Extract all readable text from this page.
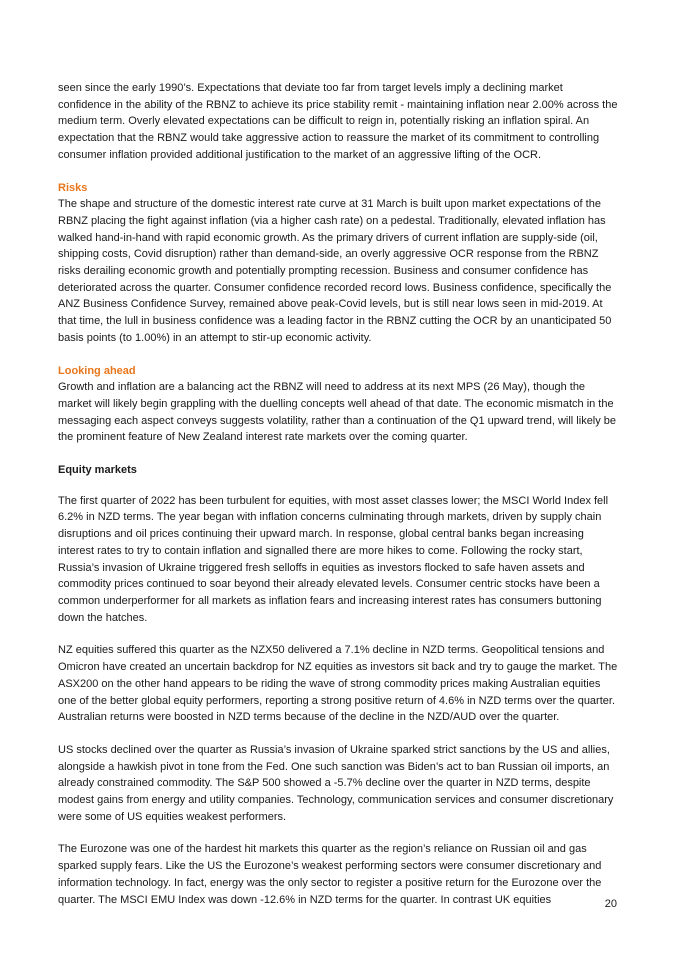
seen since the early 1990’s. Expectations that deviate too far from target levels imply a declining market confidence in the ability of the RBNZ to achieve its price stability remit - maintaining inflation near 2.00% across the medium term. Overly elevated expectations can be difficult to reign in, potentially risking an inflation spiral. An expectation that the RBNZ would take aggressive action to reassure the market of its commitment to controlling consumer inflation provided additional justification to the market of an aggressive lifting of the OCR.

Risks

The shape and structure of the domestic interest rate curve at 31 March is built upon market expectations of the RBNZ placing the fight against inflation (via a higher cash rate) on a pedestal. Traditionally, elevated inflation has walked hand-in-hand with rapid economic growth. As the primary drivers of current inflation are supply-side (oil, shipping costs, Covid disruption) rather than demand-side, an overly aggressive OCR response from the RBNZ risks derailing economic growth and potentially prompting recession. Business and consumer confidence has deteriorated across the quarter. Consumer confidence recorded record lows. Business confidence, specifically the ANZ Business Confidence Survey, remained above peak-Covid levels, but is still near lows seen in mid-2019. At that time, the lull in business confidence was a leading factor in the RBNZ cutting the OCR by an unanticipated 50 basis points (to 1.00%) in an attempt to stir-up economic activity.

Looking ahead

Growth and inflation are a balancing act the RBNZ will need to address at its next MPS (26 May), though the market will likely begin grappling with the duelling concepts well ahead of that date. The economic mismatch in the messaging each aspect conveys suggests volatility, rather than a continuation of the Q1 upward trend, will likely be the prominent feature of New Zealand interest rate markets over the coming quarter.

Equity markets

The first quarter of 2022 has been turbulent for equities, with most asset classes lower; the MSCI World Index fell 6.2% in NZD terms. The year began with inflation concerns culminating through markets, driven by supply chain disruptions and oil prices continuing their upward march. In response, global central banks began increasing interest rates to try to contain inflation and signalled there are more hikes to come. Following the rocky start, Russia’s invasion of Ukraine triggered fresh selloffs in equities as investors flocked to safe haven assets and commodity prices continued to soar beyond their already elevated levels. Consumer centric stocks have been a common underperformer for all markets as inflation fears and increasing interest rates has consumers buttoning down the hatches.

NZ equities suffered this quarter as the NZX50 delivered a 7.1% decline in NZD terms. Geopolitical tensions and Omicron have created an uncertain backdrop for NZ equities as investors sit back and try to gauge the market. The ASX200 on the other hand appears to be riding the wave of strong commodity prices making Australian equities one of the better global equity performers, reporting a strong positive return of 4.6% in NZD terms over the quarter. Australian returns were boosted in NZD terms because of the decline in the NZD/AUD over the quarter.

US stocks declined over the quarter as Russia’s invasion of Ukraine sparked strict sanctions by the US and allies, alongside a hawkish pivot in tone from the Fed. One such sanction was Biden’s act to ban Russian oil imports, an already constrained commodity. The S&P 500 showed a -5.7% decline over the quarter in NZD terms, despite modest gains from energy and utility companies. Technology, communication services and consumer discretionary were some of US equities weakest performers.

The Eurozone was one of the hardest hit markets this quarter as the region’s reliance on Russian oil and gas sparked supply fears. Like the US the Eurozone’s weakest performing sectors were consumer discretionary and information technology. In fact, energy was the only sector to register a positive return for the Eurozone over the quarter. The MSCI EMU Index was down -12.6% in NZD terms for the quarter. In contrast UK equities	20
